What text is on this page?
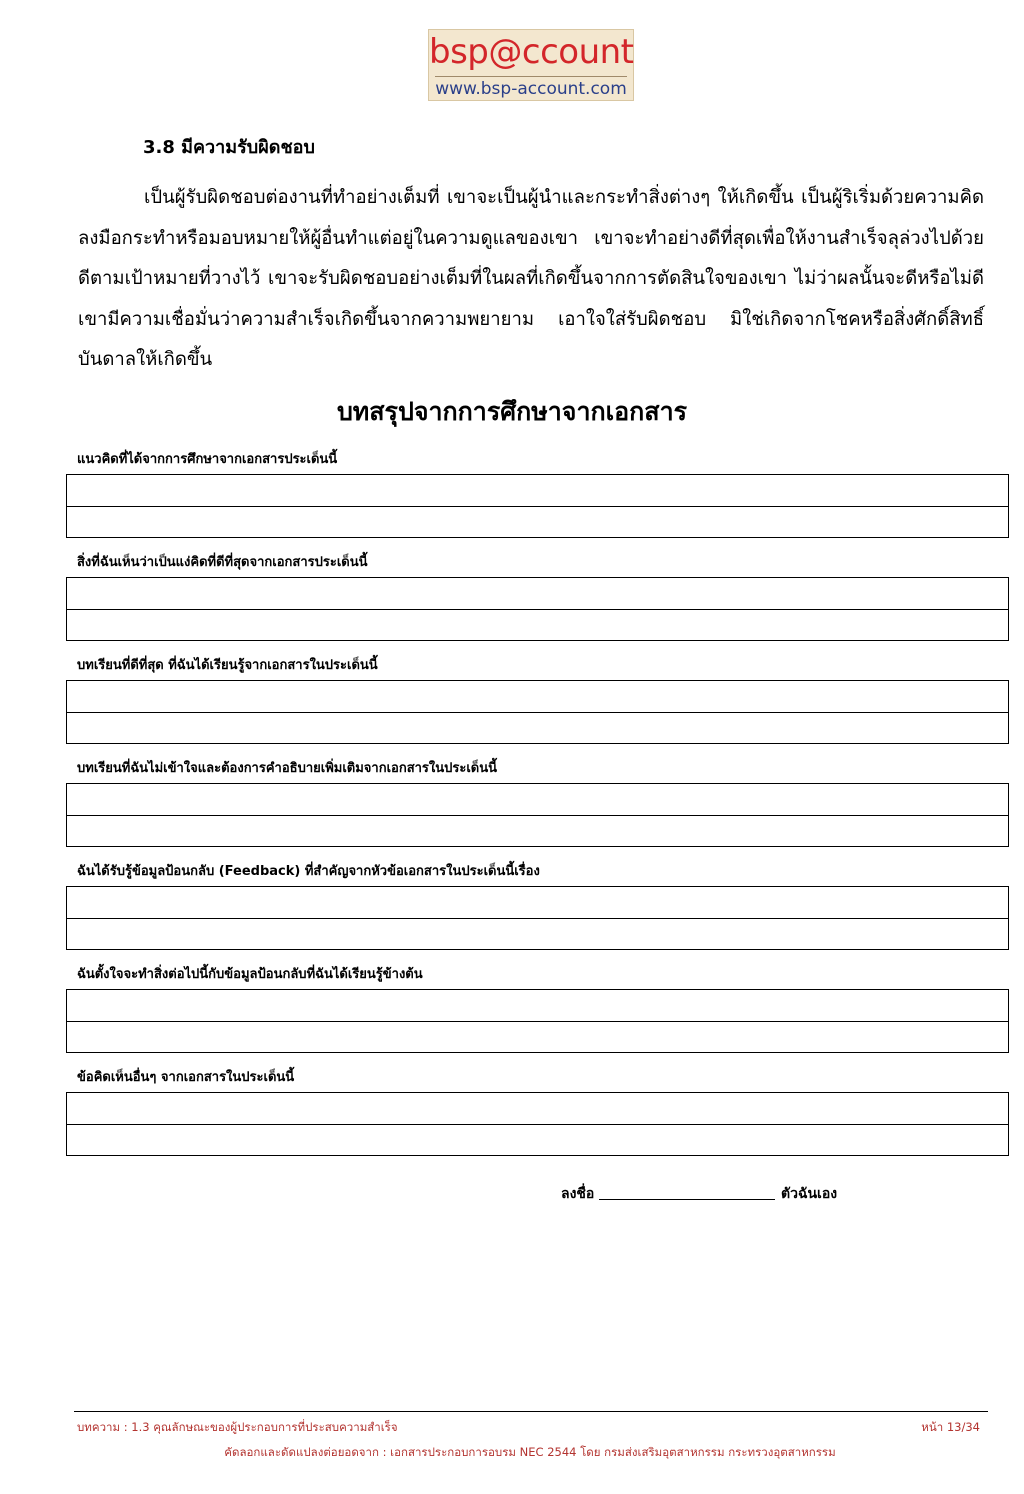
bsp@ccount
www.bsp-account.com
3.8 มีความรับผิดชอบ

เป็นผู้รับผิดชอบต่องานที่ทำอย่างเต็มที่ เขาจะเป็นผู้นำและกระทำสิ่งต่างๆ ให้เกิดขึ้น เป็นผู้ริเริ่มด้วยความคิด ลงมือกระทำหรือมอบหมายให้ผู้อื่นทำแต่อยู่ในความดูแลของเขา เขาจะทำอย่างดีที่สุดเพื่อให้งานสำเร็จลุล่วงไปด้วยดีตามเป้าหมายที่วางไว้ เขาจะรับผิดชอบอย่างเต็มที่ในผลที่เกิดขึ้นจากการตัดสินใจของเขา ไม่ว่าผลนั้นจะดีหรือไม่ดี เขามีความเชื่อมั่นว่าความสำเร็จเกิดขึ้นจากความพยายาม เอาใจใส่รับผิดชอบ มิใช่เกิดจากโชคหรือสิ่งศักดิ์สิทธิ์บันดาลให้เกิดขึ้น

บทสรุปจากการศึกษาจากเอกสาร
แนวคิดที่ได้จากการศึกษาจากเอกสารประเด็นนี้
สิ่งที่ฉันเห็นว่าเป็นแง่คิดที่ดีที่สุดจากเอกสารประเด็นนี้
บทเรียนที่ดีที่สุด ที่ฉันได้เรียนรู้จากเอกสารในประเด็นนี้
บทเรียนที่ฉันไม่เข้าใจและต้องการคำอธิบายเพิ่มเติมจากเอกสารในประเด็นนี้
ฉันได้รับรู้ข้อมูลป้อนกลับ (Feedback) ที่สำคัญจากหัวข้อเอกสารในประเด็นนี้เรื่อง
ฉันตั้งใจจะทำสิ่งต่อไปนี้กับข้อมูลป้อนกลับที่ฉันได้เรียนรู้ข้างต้น
ข้อคิดเห็นอื่นๆ จากเอกสารในประเด็นนี้
ลงชื่อ	ตัวฉันเอง
บทความ : 1.3 คุณลักษณะของผู้ประกอบการที่ประสบความสำเร็จ	หน้า 13/34
คัดลอกและดัดแปลงต่อยอดจาก : เอกสารประกอบการอบรม NEC 2544 โดย กรมส่งเสริมอุตสาหกรรม กระทรวงอุตสาหกรรม
